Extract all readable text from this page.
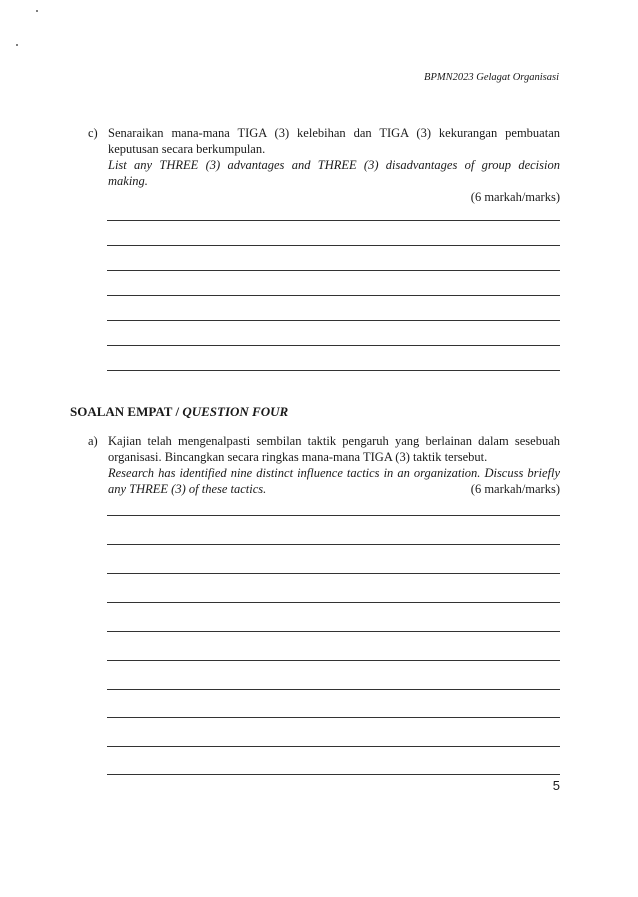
BPMN2023 Gelagat Organisasi
c) Senaraikan mana-mana TIGA (3) kelebihan dan TIGA (3) kekurangan pembuatan

keputusan secara berkumpulan.

List any THREE (3) advantages and THREE (3) disadvantages of group decision

making.

(6 markah/marks)

SOALAN EMPAT / QUESTION FOUR
a) Kajian telah mengenalpasti sembilan taktik pengaruh yang berlainan dalam sesebuah

organisasi. Bincangkan secara ringkas mana-mana TIGA (3) taktik tersebut.

Research has identified nine distinct influence tactics in an organization. Discuss briefly

any THREE (3) of these tactics.	(6 markah/marks)
5
